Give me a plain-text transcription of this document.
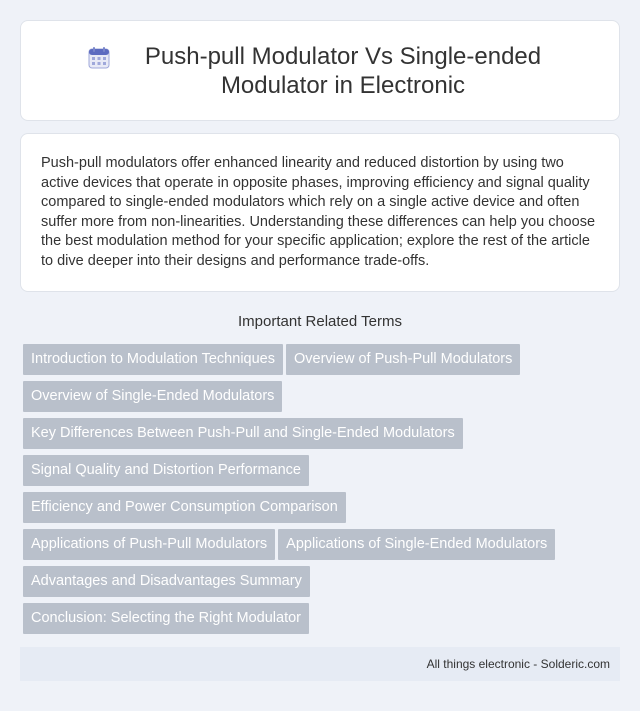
Push-pull Modulator Vs Single-ended Modulator in Electronic

Push-pull modulators offer enhanced linearity and reduced distortion by using two active devices that operate in opposite phases, improving efficiency and signal quality compared to single-ended modulators which rely on a single active device and often suffer more from non-linearities. Understanding these differences can help you choose the best modulation method for your specific application; explore the rest of the article to dive deeper into their designs and performance trade-offs.

Important Related Terms
Introduction to Modulation Techniques Overview of Push-Pull Modulators
Overview of Single-Ended Modulators
Key Differences Between Push-Pull and Single-Ended Modulators
Signal Quality and Distortion Performance
Efficiency and Power Consumption Comparison
Applications of Push-Pull Modulators Applications of Single-Ended Modulators
Advantages and Disadvantages Summary
Conclusion: Selecting the Right Modulator
All things electronic - Solderic.com
